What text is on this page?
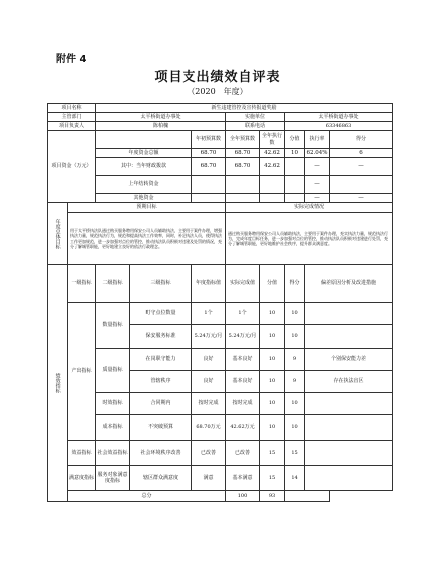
附件 4
项目支出绩效自评表
（2020　年度）
项目名称		新生违建管控及宣传报道奖励							
主管部门		太平桥街道办事处			实施单位		太平桥街道办事处		
项目负责人		陈柏槐			联系电话		63346863		
项目资金（万元）				年初预算数	全年预算数	全年执行数	分值	执行率	得分
		年度资金总额		68.70	68.70	42.62	10	62.04%	6
		其中：当年财政拨款		68.70	68.70	42.62		—	—
		上年结转资金						—	
		其他资金						—	—
年度总体目标	预期目标				实际完成情况				
	用于太平桥执法队通过购买服务聘用保安公司人员辅助执法，主要用于案件办理，增强执法力量，规范执法行为，规范和提高执法工作效率，同时，补足执法人员，使得执法工作更加规范，进一步加强对点位的管控，推动执法队员积极对违建及处罚的情况，充分了解城管职能，更好地建立良好的依法行政理念。				通过购买服务聘用保安公司人员辅助执法，主要用于案件办理，充实执法力量，规范执法行为，完成年度目标任务，进一步加强对点位的管控，推动执法队员积极对违建进行处罚，充分了解城管职能，更好地维护社会秩序，提升群众满意度。				
绩效指标	一级指标	二级指标	三级指标	年度指标值	实际完成值	分值	得分	偏差原因分析及改进措施	
	产出指标	数量指标	町守点位数量	1个	1个	10	10		
			保安服务标准	5.24万元/月	5.24万元/月	10	10		
		质量指标	在岗职守能力	良好	基本良好	10	9	个别保安能力差	
			管辖秩序	良好	基本良好	10	9	存在执法盲区	
		时效指标	合同期内	按时完成	按时完成	10	10		
		成本指标	不突破预算	68.70万元	42.62万元	10	10		
	效益指标	社会效益指标	社会环境秩序改善	已改善	已改善	15	15		
	满意度指标	服务对象满意度指标	辖区群众满意度	满意	基本满意	15	14		
	总分				100	93			
